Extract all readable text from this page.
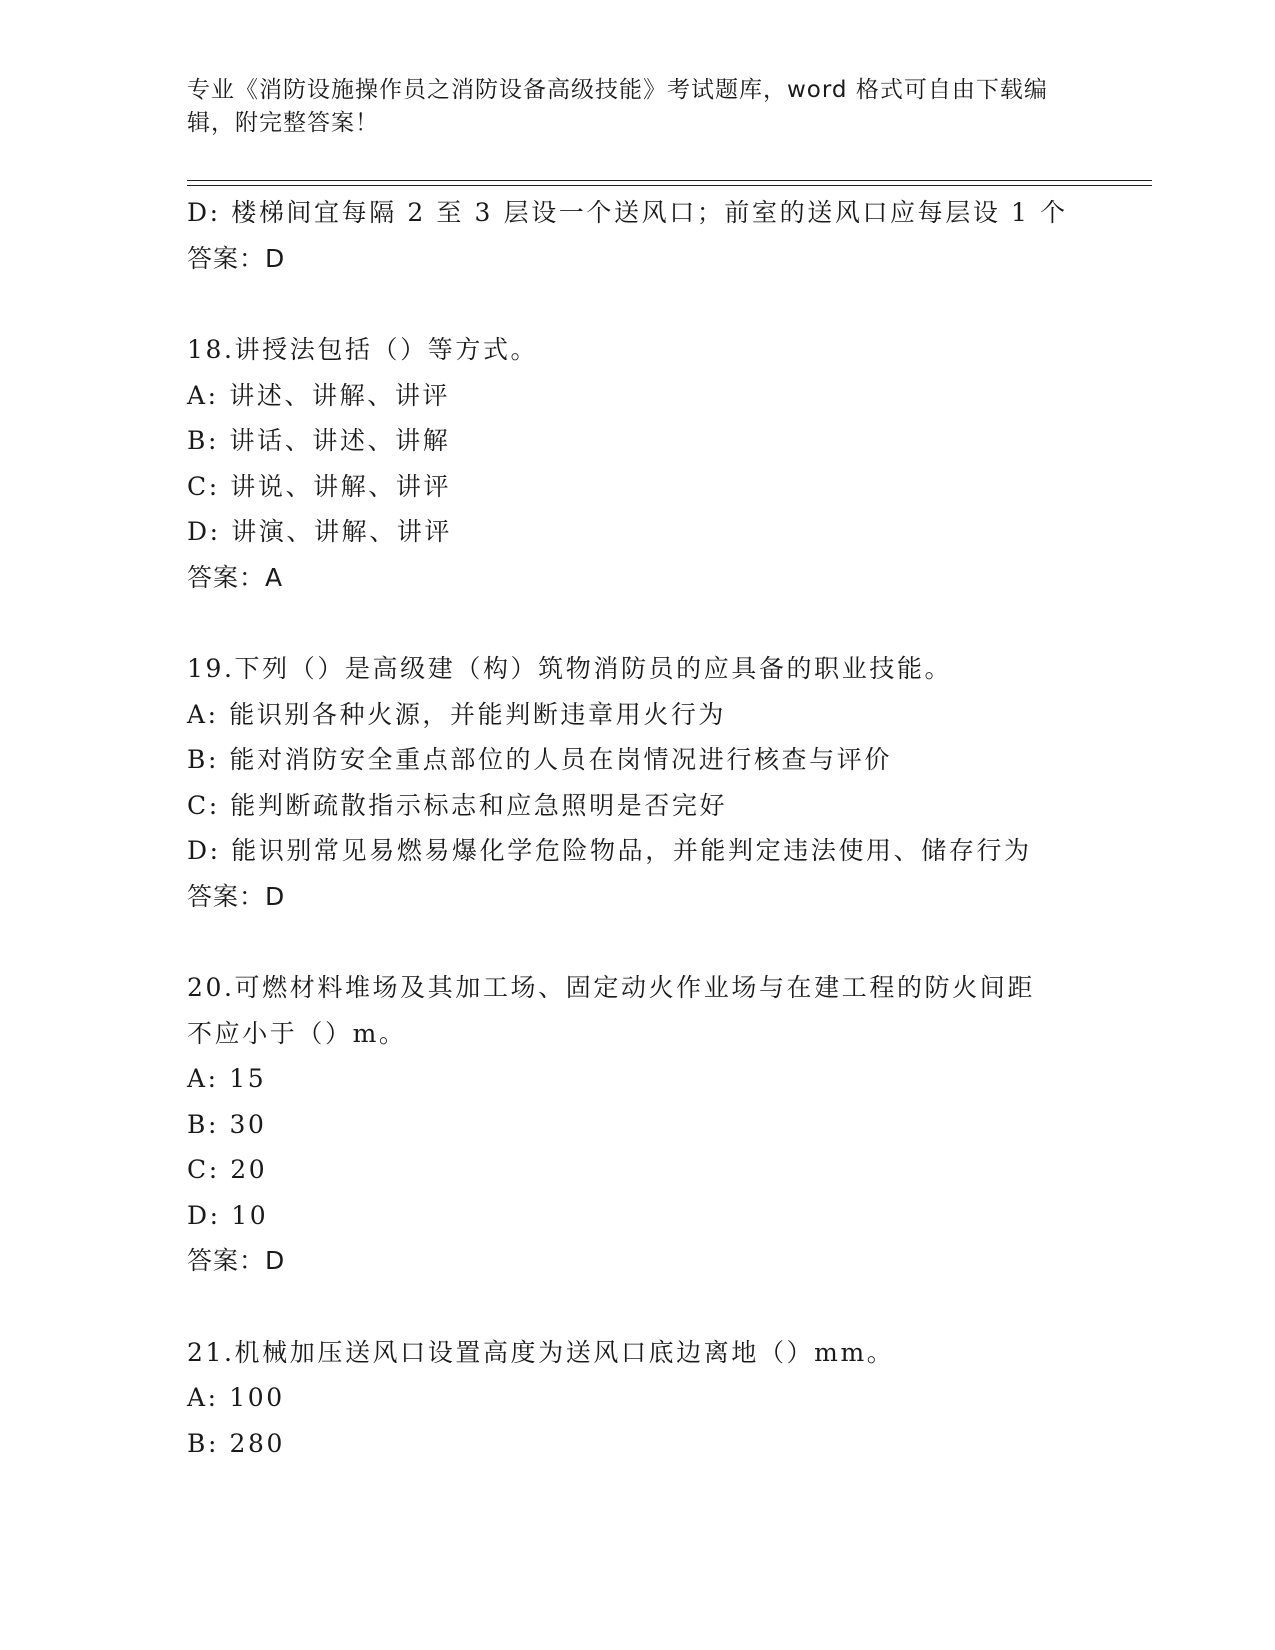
专业《消防设施操作员之消防设备高级技能》考试题库，word 格式可自由下载编
辑，附完整答案！
D: 楼梯间宜每隔 2 至 3 层设一个送风口；前室的送风口应每层设 1 个
答案：D
18.讲授法包括（）等方式。
A: 讲述、讲解、讲评
B: 讲话、讲述、讲解
C: 讲说、讲解、讲评
D: 讲演、讲解、讲评
答案：A
19.下列（）是高级建（构）筑物消防员的应具备的职业技能。
A: 能识别各种火源，并能判断违章用火行为
B: 能对消防安全重点部位的人员在岗情况进行核查与评价
C: 能判断疏散指示标志和应急照明是否完好
D: 能识别常见易燃易爆化学危险物品，并能判定违法使用、储存行为
答案：D
20.可燃材料堆场及其加工场、固定动火作业场与在建工程的防火间距
不应小于（）m。
A: 15
B: 30
C: 20
D: 10
答案：D
21.机械加压送风口设置高度为送风口底边离地（）mm。
A: 100
B: 280
